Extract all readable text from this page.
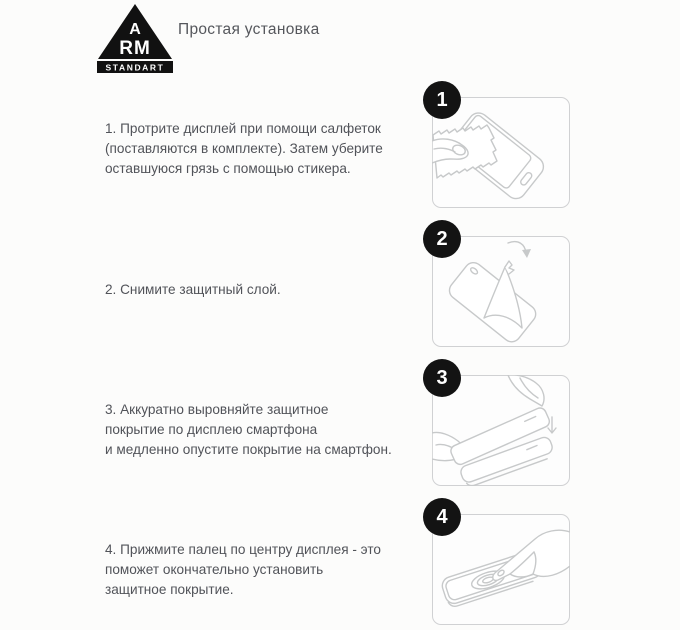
A
RM
STANDART
Простая установка
1. Протрите дисплей при помощи салфеток
(поставляются в комплекте). Затем уберите
оставшуюся грязь с помощью стикера.
2. Снимите защитный слой.
3. Аккуратно выровняйте защитное
покрытие по дисплею смартфона
и медленно опустите покрытие на смартфон.
4. Прижмите палец по центру дисплея - это
поможет окончательно установить
защитное покрытие.
1
2
3
4
